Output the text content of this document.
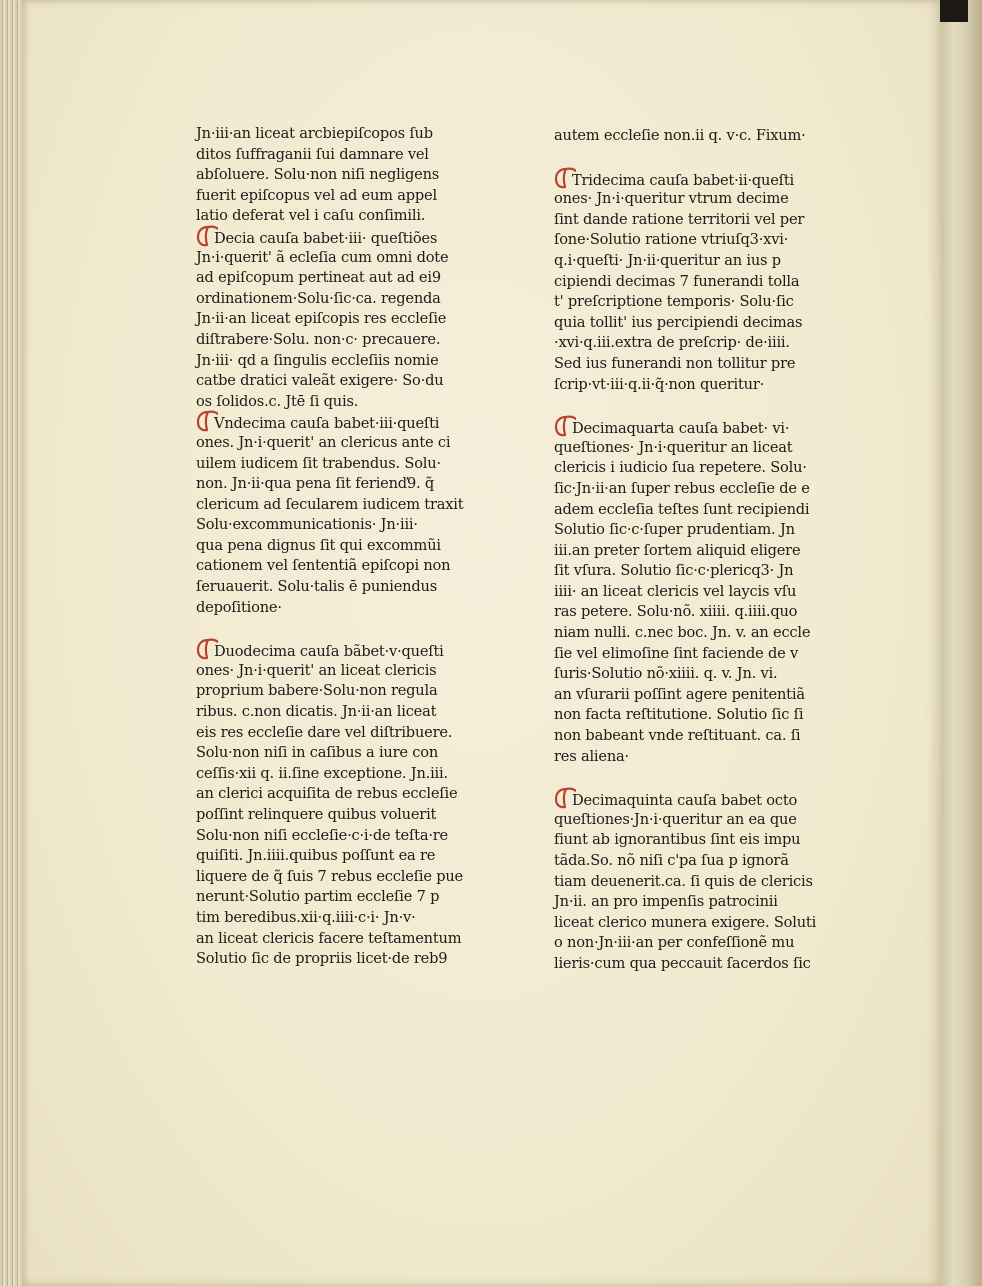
Jn·iii·an liceat arcbiepiſcopos ſub
ditos ſuffraganii ſui damnare vel
abſoluere. Solu·non niſi negligens
fuerit epiſcopus vel ad eum appel
latio deferat vel i caſu conſimili.
Decia cauſa babet·iii· queſtiões
Jn·i·querit' ã ecleſia cum omni dote
ad epiſcopum pertineat aut ad ei9
ordinationem·Solu·ſic·ca. regenda
Jn·ii·an liceat epiſcopis res eccleſie
diſtrabere·Solu. non·c· precauere.
Jn·iii· qd a ſingulis eccleſiis nomie
catbe dratici valeãt exigere· So·du
os ſolidos.c. Jtē ſi quis.
Vndecima cauſa babet·iii·queſti
ones. Jn·i·querit' an clericus ante ci
uilem iudicem ſit trabendus. Solu·
non. Jn·ii·qua pena ſit ferienď9. q̃
clericum ad ſecularem iudicem traxit
Solu·excommunicationis· Jn·iii·
qua pena dignus ſit qui excommũi
cationem vel ſententiã epiſcopi non
ſeruauerit. Solu·talis ē puniendus
depoſitione·
Duodecima cauſa bãbet·v·queſti
ones· Jn·i·querit' an liceat clericis
proprium babere·Solu·non regula
ribus. c.non dicatis. Jn·ii·an liceat
eis res eccleſie dare vel diſtribuere.
Solu·non niſi in caſibus a iure con
ceſſis·xii q. ii.ſine exceptione. Jn.iii.
an clerici acquiſita de rebus eccleſie
poſſint relinquere quibus voluerit
Solu·non niſi eccleſie·c·i·de teſta·re
quiſiti. Jn.iiii.quibus poſſunt ea re
liquere de q̃ ſuis 7 rebus eccleſie pue
nerunt·Solutio partim eccleſie 7 p
tim beredibus.xii·q.iiii·c·i· Jn·v·
an liceat clericis facere teſtamentum
Solutio ſic de propriis licet·de reb9
autem eccleſie non.ii q. v·c. Fixum·
Tridecima cauſa babet·ii·queſti
ones· Jn·i·queritur vtrum decime
ſint dande ratione territorii vel per
ſone·Solutio ratione vtriuſq3·xvi·
q.i·queſti· Jn·ii·queritur an ius p
cipiendi decimas 7 funerandi tolla
t' preſcriptione temporis· Solu·ſic
quia tollit' ius percipiendi decimas
·xvi·q.iii.extra de preſcrip· de·iiii.
Sed ius funerandi non tollitur pre
ſcrip·vt·iii·q.ii·q̃·non queritur·
Decimaquarta cauſa babet· vi·
queſtiones· Jn·i·queritur an liceat
clericis i iudicio ſua repetere. Solu·
ſic·Jn·ii·an ſuper rebus eccleſie de e
adem eccleſia teſtes ſunt recipiendi
Solutio ſic·c·ſuper prudentiam. Jn
iii.an preter ſortem aliquid eligere
ſit vſura. Solutio ſic·c·plericq3· Jn
iiii· an liceat clericis vel laycis vſu
ras petere. Solu·nõ. xiiii. q.iiii.quo
niam nulli. c.nec boc. Jn. v. an eccle
ſie vel elimoſine ſint faciende de v
ſuris·Solutio nõ·xiiii. q. v. Jn. vi.
an vſurarii poſſint agere penitentiã
non facta reſtitutione. Solutio ſic ſi
non babeant vnde reſtituant. ca. ſi
res aliena·
Decimaquinta cauſa babet octo
queſtiones·Jn·i·queritur an ea que
fiunt ab ignorantibus ſint eis impu
tãda.So. nõ niſi c'pa ſua p ignorã
tiam deuenerit.ca. ſi quis de clericis
Jn·ii. an pro impenſis patrocinii
liceat clerico munera exigere. Soluti
o non·Jn·iii·an per confeſſionẽ mu
lieris·cum qua peccauit ſacerdos ſic
